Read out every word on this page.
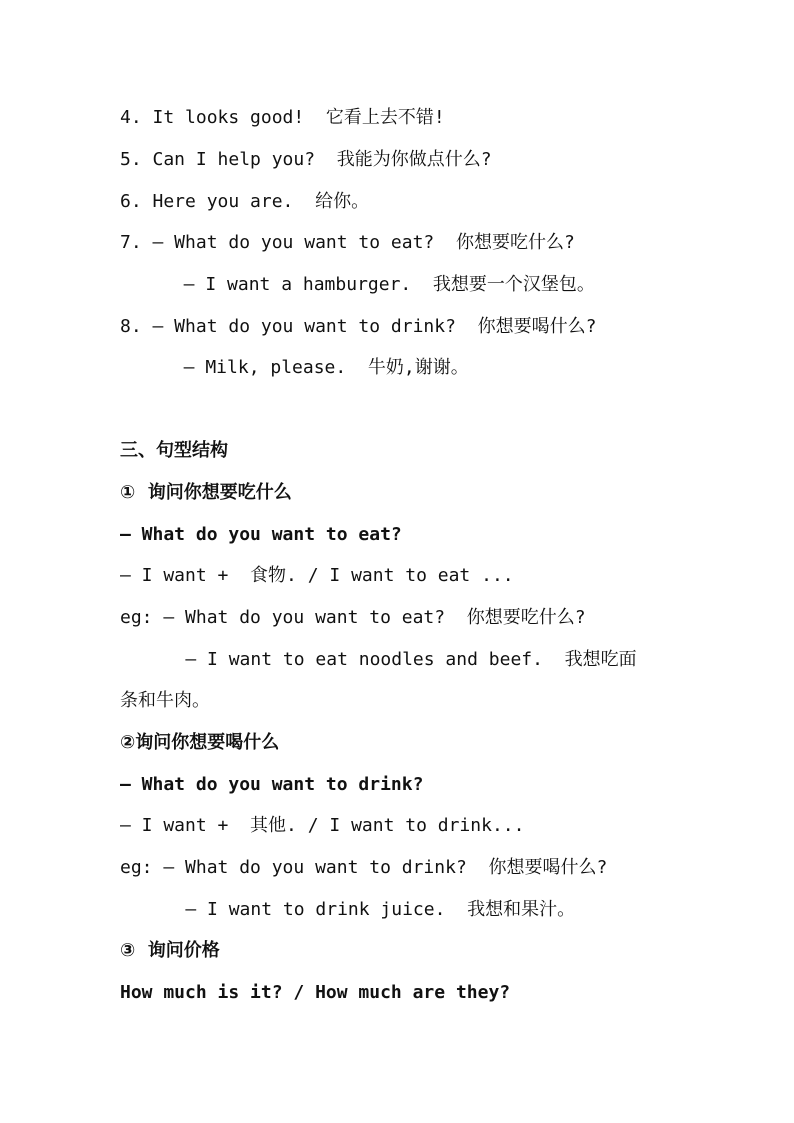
4. It looks good!  它看上去不错!
5. Can I help you?  我能为你做点什么?
6. Here you are.  给你。
7. — What do you want to eat?  你想要吃什么?
— I want a hamburger.  我想要一个汉堡包。
8. — What do you want to drink?  你想要喝什么?
— Milk, please.  牛奶,谢谢。
三、句型结构
①  询问你想要吃什么
— What do you want to eat?
— I want +  食物. / I want to eat ...
eg: — What do you want to eat?  你想要吃什么?
— I want to eat noodles and beef.  我想吃面
条和牛肉。
②询问你想要喝什么
— What do you want to drink?
— I want +  其他. / I want to drink...
eg: — What do you want to drink?  你想要喝什么?
— I want to drink juice.  我想和果汁。
③  询问价格
How much is it? / How much are they?
